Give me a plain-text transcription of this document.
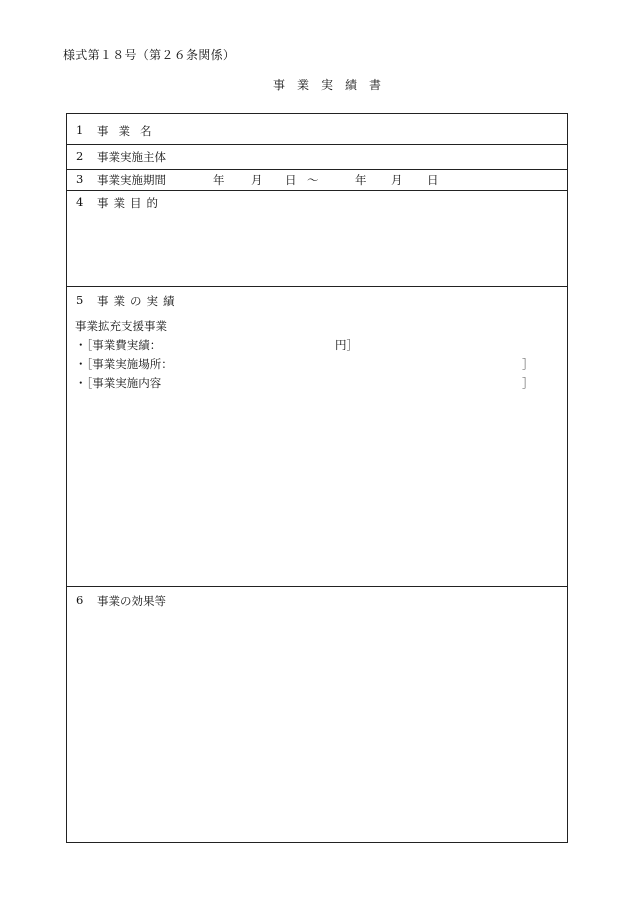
様式第１８号（第２６条関係）
事業実績書
1 事業名
2 事業実施主体
3 事業実施期間	年 月 日 ～	年 月 日
4 事業目的
5 事業の実績
事業拡充支援事業
・［事業費実績：	円］
・［事業実施場所：	］
・［事業実施内容	］
6 事業の効果等
